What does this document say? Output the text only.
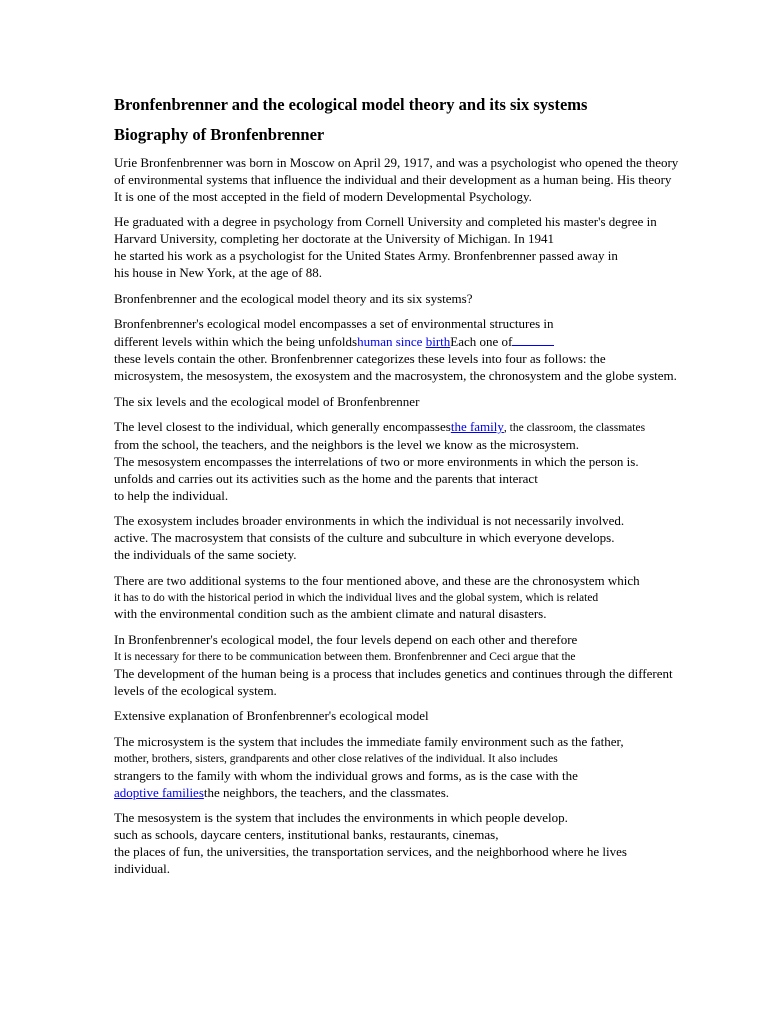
Bronfenbrenner and the ecological model theory and its six systems
Biography of Bronfenbrenner

Urie Bronfenbrenner was born in Moscow on April 29, 1917, and was a psychologist who opened the theory
of environmental systems that influence the individual and their development as a human being. His theory
It is one of the most accepted in the field of modern Developmental Psychology.

He graduated with a degree in psychology from Cornell University and completed his master's degree in
Harvard University, completing her doctorate at the University of Michigan. In 1941
he started his work as a psychologist for the United States Army. Bronfenbrenner passed away in
his house in New York, at the age of 88.

Bronfenbrenner and the ecological model theory and its six systems?

Bronfenbrenner's ecological model encompasses a set of environmental structures in
different levels within which the being unfoldshuman since birthEach one of
these levels contain the other. Bronfenbrenner categorizes these levels into four as follows: the
microsystem, the mesosystem, the exosystem and the macrosystem, the chronosystem and the globe system.

The six levels and the ecological model of Bronfenbrenner

The level closest to the individual, which generally encompassesthe family, the classroom, the classmates
from the school, the teachers, and the neighbors is the level we know as the microsystem.
The mesosystem encompasses the interrelations of two or more environments in which the person is.
unfolds and carries out its activities such as the home and the parents that interact
to help the individual.

The exosystem includes broader environments in which the individual is not necessarily involved.
active. The macrosystem that consists of the culture and subculture in which everyone develops.
the individuals of the same society.

There are two additional systems to the four mentioned above, and these are the chronosystem which
it has to do with the historical period in which the individual lives and the global system, which is related
with the environmental condition such as the ambient climate and natural disasters.

In Bronfenbrenner's ecological model, the four levels depend on each other and therefore
It is necessary for there to be communication between them. Bronfenbrenner and Ceci argue that the
The development of the human being is a process that includes genetics and continues through the different
levels of the ecological system.

Extensive explanation of Bronfenbrenner's ecological model

The microsystem is the system that includes the immediate family environment such as the father,
mother, brothers, sisters, grandparents and other close relatives of the individual. It also includes
strangers to the family with whom the individual grows and forms, as is the case with the
adoptive familiesthe neighbors, the teachers, and the classmates.

The mesosystem is the system that includes the environments in which people develop.
such as schools, daycare centers, institutional banks, restaurants, cinemas,
the places of fun, the universities, the transportation services, and the neighborhood where he lives
individual.
